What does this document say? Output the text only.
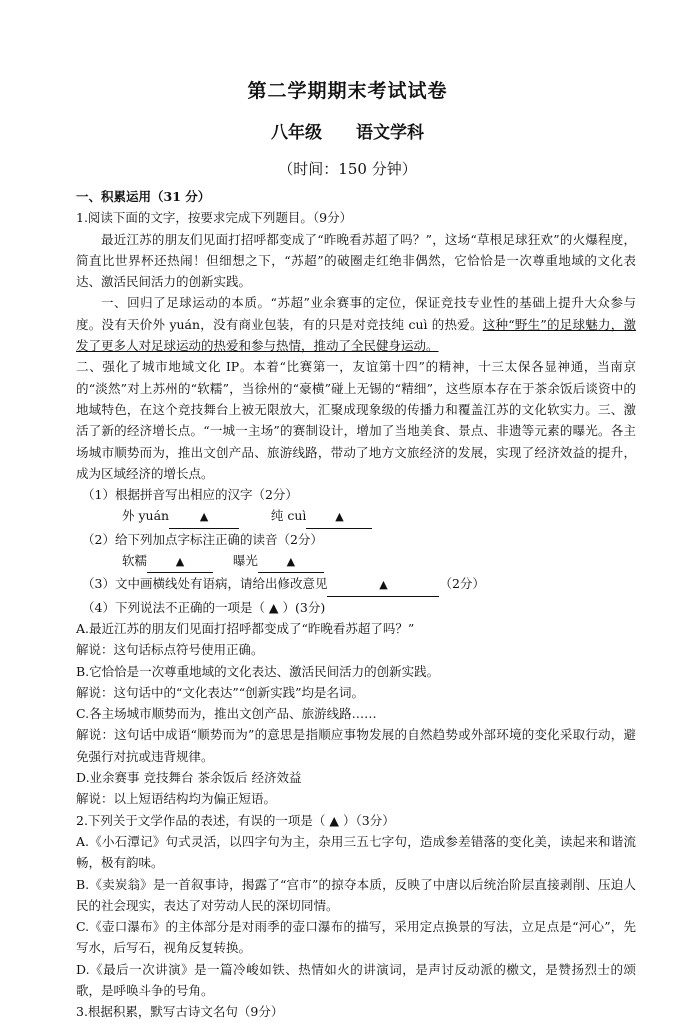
第二学期期末考试试卷
八年级 语文学科
（时间：150 分钟）

一、积累运用（31 分）

1.阅读下面的文字，按要求完成下列题目。（9分）

最近江苏的朋友们见面打招呼都变成了“昨晚看苏超了吗？”，这场“草根足球狂欢”的火爆程度，简直比世界杯还热闹！但细想之下，“苏超”的破圈走红绝非偶然，它恰恰是一次尊重地域的文化表达、激活民间活力的创新实践。

一、回归了足球运动的本质。“苏超”业余赛事的定位，保证竞技专业性的基础上提升大众参与度。没有天价外 yuán，没有商业包装，有的只是对竞技纯 cuì 的热爱。这种“野生”的足球魅力，激发了更多人对足球运动的热爱和参与热情，推动了全民健身运动。

二、强化了城市地域文化 IP。本着“比赛第一，友谊第十四”的精神，十三太保各显神通，当南京的“淡然”对上苏州的“软糯”，当徐州的“豪横”碰上无锡的“精细”，这些原本存在于茶余饭后谈资中的地域特色，在这个竞技舞台上被无限放大，汇聚成现象级的传播力和覆盖江苏的文化软实力。三、激活了新的经济增长点。“一城一主场”的赛制设计，增加了当地美食、景点、非遗等元素的曝光。各主场城市顺势而为，推出文创产品、旅游线路，带动了地方文旅经济的发展，实现了经济效益的提升，成为区域经济的增长点。

（1）根据拼音写出相应的汉字（2分）

外 yuán	▲	纯 cuì	▲

（2）给下列加点字标注正确的读音（2分）

软糯	▲	曝光	▲

（3）文中画横线处有语病，请给出修改意见	▲	（2分）

（4）下列说法不正确的一项是（ ▲ ）(3分)

A.最近江苏的朋友们见面打招呼都变成了“昨晚看苏超了吗？”

解说：这句话标点符号使用正确。

B.它恰恰是一次尊重地域的文化表达、激活民间活力的创新实践。

解说：这句话中的“文化表达”“创新实践”均是名词。

C.各主场城市顺势而为，推出文创产品、旅游线路……

解说：这句话中成语“顺势而为”的意思是指顺应事物发展的自然趋势或外部环境的变化采取行动，避免强行对抗或违背规律。

D.业余赛事 竞技舞台 茶余饭后 经济效益

解说：以上短语结构均为偏正短语。

2.下列关于文学作品的表述，有误的一项是（ ▲ ）（3分）

A.《小石潭记》句式灵活，以四字句为主，杂用三五七字句，造成参差错落的变化美，读起来和谐流畅，极有韵味。

B.《卖炭翁》是一首叙事诗，揭露了“宫市”的掠夺本质，反映了中唐以后统治阶层直接剥削、压迫人民的社会现实，表达了对劳动人民的深切同情。

C.《壶口瀑布》的主体部分是对雨季的壶口瀑布的描写，采用定点换景的写法，立足点是“河心”，先写水，后写石，视角反复转换。

D.《最后一次讲演》是一篇冷峻如铁、热情如火的讲演词，是声讨反动派的檄文，是赞扬烈士的颂歌，是呼唤斗争的号角。

3.根据积累，默写古诗文名句（9分）
